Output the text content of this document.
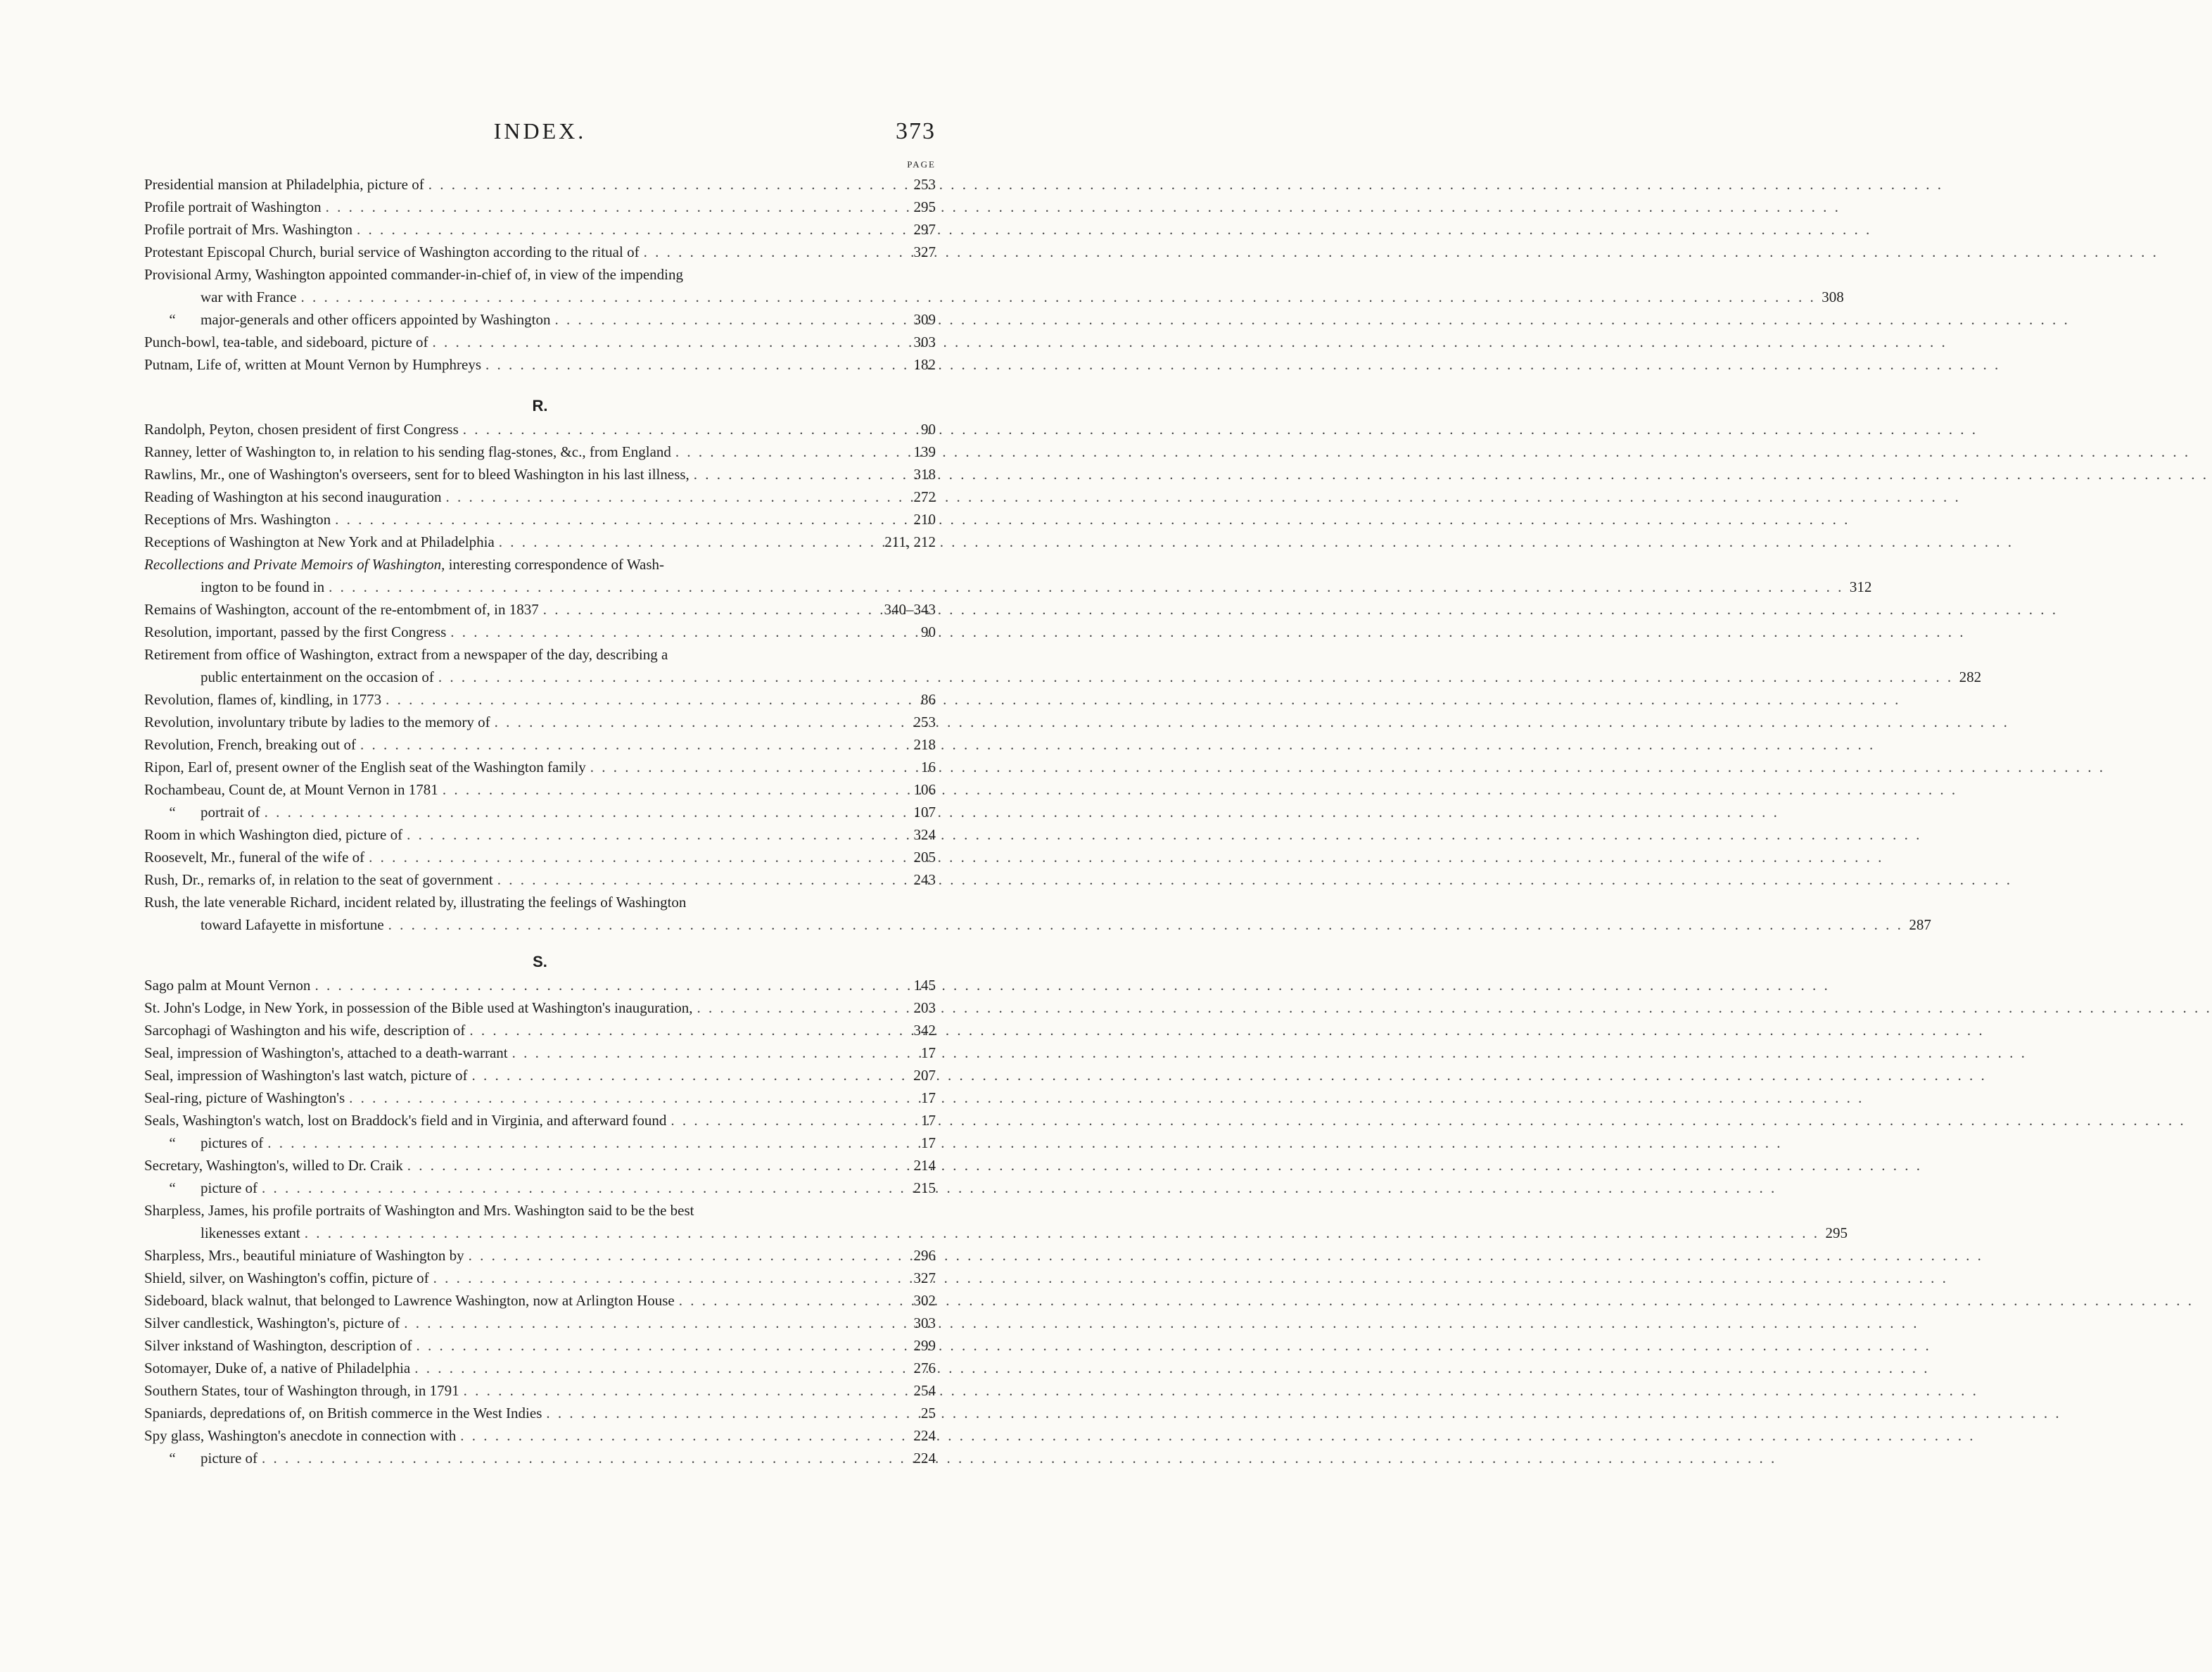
INDEX.	373
PAGE
Presidential mansion at Philadelphia, picture of . . .	253
Profile portrait of Washington . . .	295
Profile portrait of Mrs. Washington . . .	297
Protestant Episcopal Church, burial service of Washington according to the ritual of . . .	327
Provisional Army, Washington appointed commander-in-chief of, in view of the impending
war with France . . .	308
“ major-generals and other officers appointed by Washington . . .	309
Punch-bowl, tea-table, and sideboard, picture of . . .	303
Putnam, Life of, written at Mount Vernon by Humphreys . . .	182
R.
Randolph, Peyton, chosen president of first Congress . . .	90
Ranney, letter of Washington to, in relation to his sending flag-stones, &c., from England . . .	139
Rawlins, Mr., one of Washington's overseers, sent for to bleed Washington in his last illness, . . .	318
Reading of Washington at his second inauguration . . .	272
Receptions of Mrs. Washington . . .	210
Receptions of Washington at New York and at Philadelphia . . .	211, 212
Recollections and Private Memoirs of Washington, interesting correspondence of Wash-
ington to be found in . . .	312
Remains of Washington, account of the re-entombment of, in 1837 . . .	340–343
Resolution, important, passed by the first Congress . . .	90
Retirement from office of Washington, extract from a newspaper of the day, describing a
public entertainment on the occasion of . . .	282
Revolution, flames of, kindling, in 1773 . . .	86
Revolution, involuntary tribute by ladies to the memory of . . .	253
Revolution, French, breaking out of . . .	218
Ripon, Earl of, present owner of the English seat of the Washington family . . .	16
Rochambeau, Count de, at Mount Vernon in 1781 . . .	106
“ portrait of . . .	107
Room in which Washington died, picture of . . .	324
Roosevelt, Mr., funeral of the wife of . . .	205
Rush, Dr., remarks of, in relation to the seat of government . . .	243
Rush, the late venerable Richard, incident related by, illustrating the feelings of Washington
toward Lafayette in misfortune . . .	287
S.
Sago palm at Mount Vernon . . .	145
St. John's Lodge, in New York, in possession of the Bible used at Washington's inauguration, . . .	203
Sarcophagi of Washington and his wife, description of . . .	342
Seal, impression of Washington's, attached to a death-warrant . . .	17
Seal, impression of Washington's last watch, picture of . . .	207
Seal-ring, picture of Washington's . . .	17
Seals, Washington's watch, lost on Braddock's field and in Virginia, and afterward found . . .	17
“ pictures of . . .	17
Secretary, Washington's, willed to Dr. Craik . . .	214
“ picture of . . .	215
Sharpless, James, his profile portraits of Washington and Mrs. Washington said to be the best
likenesses extant . . .	295
Sharpless, Mrs., beautiful miniature of Washington by . . .	296
Shield, silver, on Washington's coffin, picture of . . .	327
Sideboard, black walnut, that belonged to Lawrence Washington, now at Arlington House . . .	302
Silver candlestick, Washington's, picture of . . .	303
Silver inkstand of Washington, description of . . .	299
Sotomayer, Duke of, a native of Philadelphia . . .	276
Southern States, tour of Washington through, in 1791 . . .	254
Spaniards, depredations of, on British commerce in the West Indies . . .	25
Spy glass, Washington's anecdote in connection with . . .	224
“ picture of . . .	224
